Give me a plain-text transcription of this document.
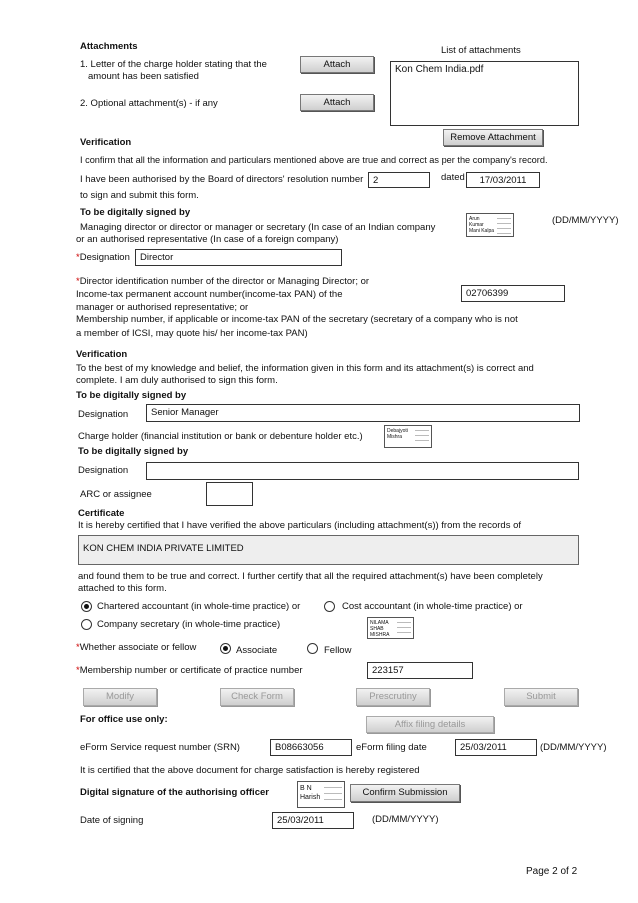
Attachments	List of attachments
1. Letter of the charge holder stating that the
amount has been satisfied
Attach
2. Optional attachment(s) - if any	Attach
Kon Chem India.pdf
Remove Attachment
Verification
I confirm that all the information and particulars mentioned above are true and correct as per the company's record.
I have been authorised by the Board of directors' resolution number	2	dated	17/03/2011
to sign and submit this form.
To be digitally signed by
Managing director or director or manager or secretary (In case of an Indian company
or an authorised representative (In case of a foreign company)
Arun Kumar Mani Kalpa
(DD/MM/YYYY)
*Designation	Director
*Director identification number of the director or Managing Director; or
Income-tax permanent account number(income-tax PAN) of the
manager or authorised representative; or
Membership number, if applicable or income-tax PAN of the secretary (secretary of a company who is not
a member of ICSI, may quote his/ her income-tax PAN)
02706399
Verification
To the best of my knowledge and belief, the information given in this form and its attachment(s) is correct and
complete. I am duly authorised to sign this form.
To be digitally signed by
Designation	Senior Manager
Charge holder (financial institution or bank or debenture holder etc.)	Debajyoti Mishra
To be digitally signed by
Designation
ARC or assignee
Certificate
It is hereby certified that I have verified the above particulars (including attachment(s)) from the records of
KON CHEM INDIA PRIVATE LIMITED
and found them to be true and correct. I further certify that all the required attachment(s) have been completely
attached to this form.
Chartered accountant (in whole-time practice) or	Cost accountant (in whole-time practice) or
Company secretary (in whole-time practice)	NILAMA SHAB MISHRA
*Whether associate or fellow	Associate	Fellow
*Membership number or certificate of practice number	223157
Modify	Check Form	Prescrutiny	Submit
For office use only:	Affix filing details
eForm Service request number (SRN)	B08663056	eForm filing date	25/03/2011	(DD/MM/YYYY)
It is certified that the above document for charge satisfaction is hereby registered
Digital signature of the authorising officer	B N Harish	Confirm Submission
Date of signing	25/03/2011	(DD/MM/YYYY)
Page 2 of 2
